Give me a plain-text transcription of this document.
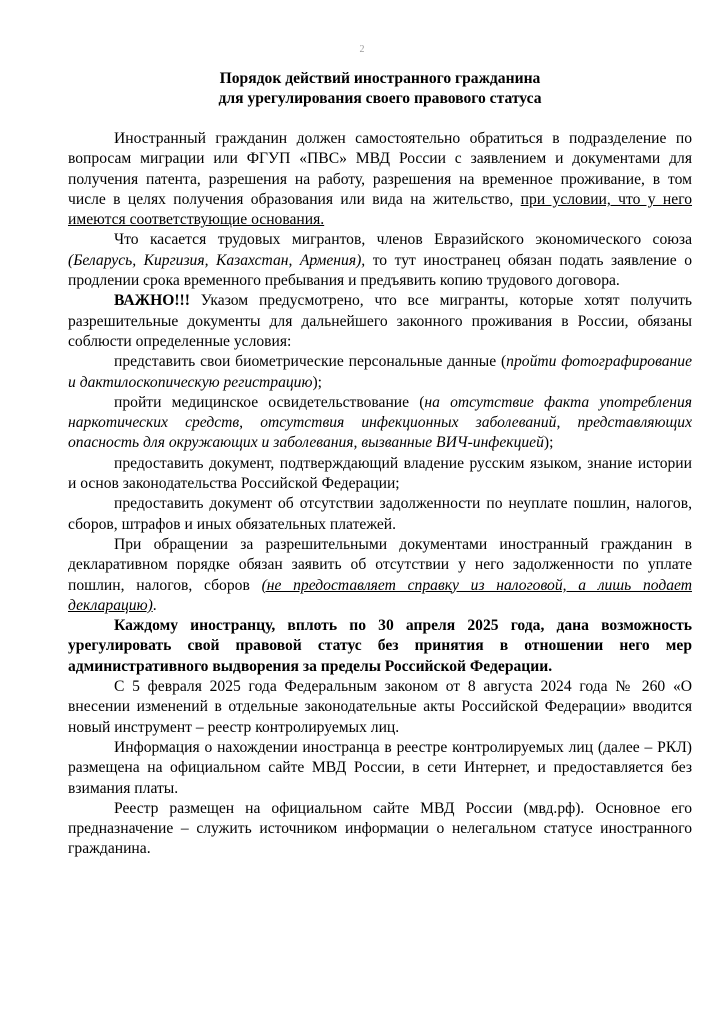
2
Порядок действий иностранного гражданина
для урегулирования своего правового статуса

Иностранный гражданин должен самостоятельно обратиться в подразделение по вопросам миграции или ФГУП «ПВС» МВД России с заявлением и документами для получения патента, разрешения на работу, разрешения на временное проживание, в том числе в целях получения образования или вида на жительство, при условии, что у него имеются соответствующие основания.

Что касается трудовых мигрантов, членов Евразийского экономического союза (Беларусь, Киргизия, Казахстан, Армения), то тут иностранец обязан подать заявление о продлении срока временного пребывания и предъявить копию трудового договора.

ВАЖНО!!! Указом предусмотрено, что все мигранты, которые хотят получить разрешительные документы для дальнейшего законного проживания в России, обязаны соблюсти определенные условия:

представить свои биометрические персональные данные (пройти фотографирование и дактилоскопическую регистрацию);

пройти медицинское освидетельствование (на отсутствие факта употребления наркотических средств, отсутствия инфекционных заболеваний, представляющих опасность для окружающих и заболевания, вызванные ВИЧ-инфекцией);

предоставить документ, подтверждающий владение русским языком, знание истории и основ законодательства Российской Федерации;

предоставить документ об отсутствии задолженности по неуплате пошлин, налогов, сборов, штрафов и иных обязательных платежей.

При обращении за разрешительными документами иностранный гражданин в декларативном порядке обязан заявить об отсутствии у него задолженности по уплате пошлин, налогов, сборов (не предоставляет справку из налоговой, а лишь подает декларацию).

Каждому иностранцу, вплоть по 30 апреля 2025 года, дана возможность урегулировать свой правовой статус без принятия в отношении него мер административного выдворения за пределы Российской Федерации.

С 5 февраля 2025 года Федеральным законом от 8 августа 2024 года № 260 «О внесении изменений в отдельные законодательные акты Российской Федерации» вводится новый инструмент – реестр контролируемых лиц.

Информация о нахождении иностранца в реестре контролируемых лиц (далее – РКЛ) размещена на официальном сайте МВД России, в сети Интернет, и предоставляется без взимания платы.

Реестр размещен на официальном сайте МВД России (мвд.рф). Основное его предназначение – служить источником информации о нелегальном статусе иностранного гражданина.
